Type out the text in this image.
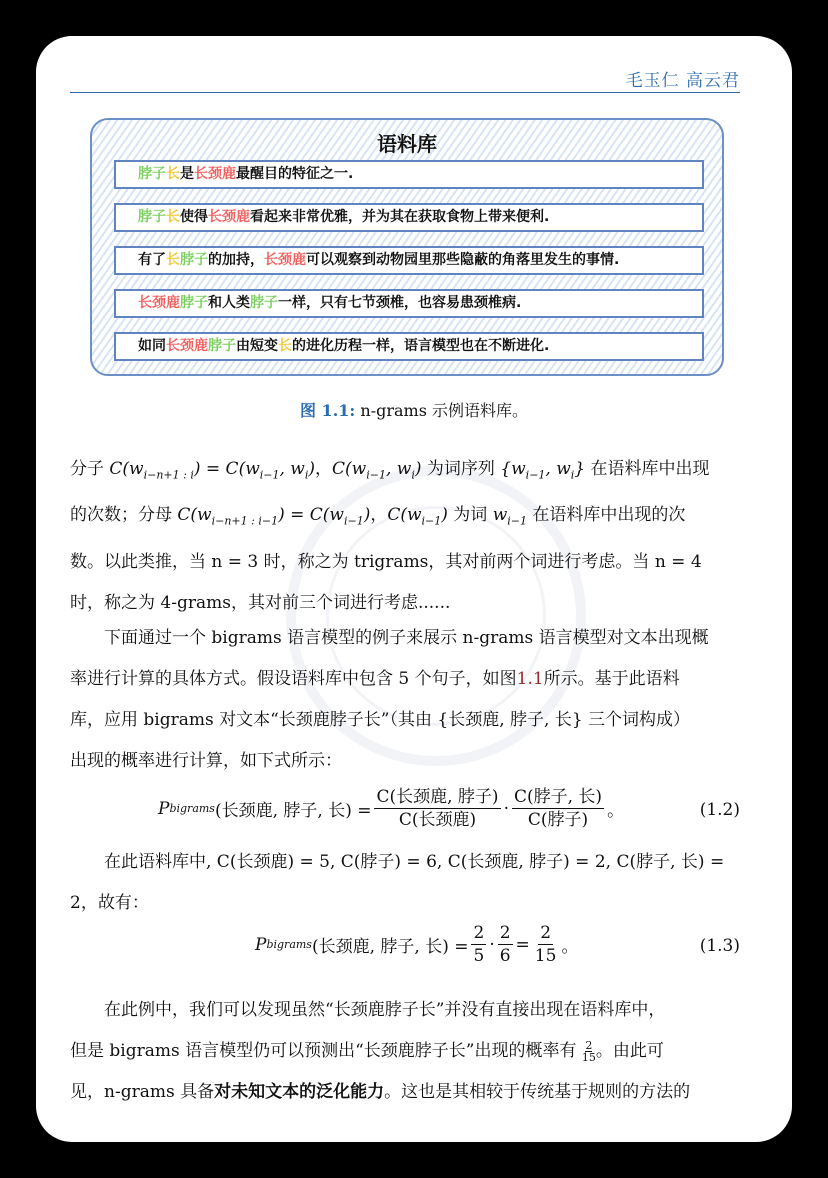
毛玉仁 高云君
语料库
脖子长是长颈鹿最醒目的特征之一.
脖子长使得长颈鹿看起来非常优雅，并为其在获取食物上带来便利.
有了长脖子的加持，长颈鹿可以观察到动物园里那些隐蔽的角落里发生的事情.
长颈鹿脖子和人类脖子一样，只有七节颈椎，也容易患颈椎病.
如同长颈鹿脖子由短变长的进化历程一样，语言模型也在不断进化.
图 1.1: n-grams 示例语料库。
分子 $C(w_{i-n+1 : i}) = C(w_{i-1}$, $w_i$)，$C(w_{i-1}$, $w_i$) 为词序列 {$w_{i-1}$, $w_i$} 在语料库中出现
的次数；分母 $C(w_{i-n+1 : i-1}) = C(w_{i-1})$，$C(w_{i-1})$ 为词 $w_{i-1}$ 在语料库中出现的次
数。以此类推，当 n = 3 时，称之为 trigrams，其对前两个词进行考虑。当 n = 4
时，称之为 4-grams，其对前三个词进行考虑......
下面通过一个 bigrams 语言模型的例子来展示 n-grams 语言模型对文本出现概
率进行计算的具体方式。假设语料库中包含 5 个句子，如图1.1所示。基于此语料
库，应用 bigrams 对文本“长颈鹿脖子长”（其由 {长颈鹿, 脖子, 长} 三个词构成）
出现的概率进行计算，如下式所示：
P bigrams (长颈鹿, 脖子, 长) = $\frac{\text{C(长颈鹿, 脖子)}}{\text{C(长颈鹿)}} \cdot \frac{\text{C(脖子, 长)}}{\text{C(脖子)}}$ 。	(1.2)
在此语料库中, C(长颈鹿) = 5, C(脖子) = 6, C(长颈鹿, 脖子) = 2, C(脖子, 长) =
2，故有：
P bigrams (长颈鹿, 脖子, 长) = $\frac{2}{5} \cdot \frac{2}{6} = \frac{2}{15}$ 。	(1.3)
在此例中，我们可以发现虽然“长颈鹿脖子长”并没有直接出现在语料库中，
但是 bigrams 语言模型仍可以预测出“长颈鹿脖子长”出现的概率有 $\frac{2}{15}$ 。由此可
见，n-grams 具备对未知文本的泛化能力。这也是其相较于传统基于规则的方法的
